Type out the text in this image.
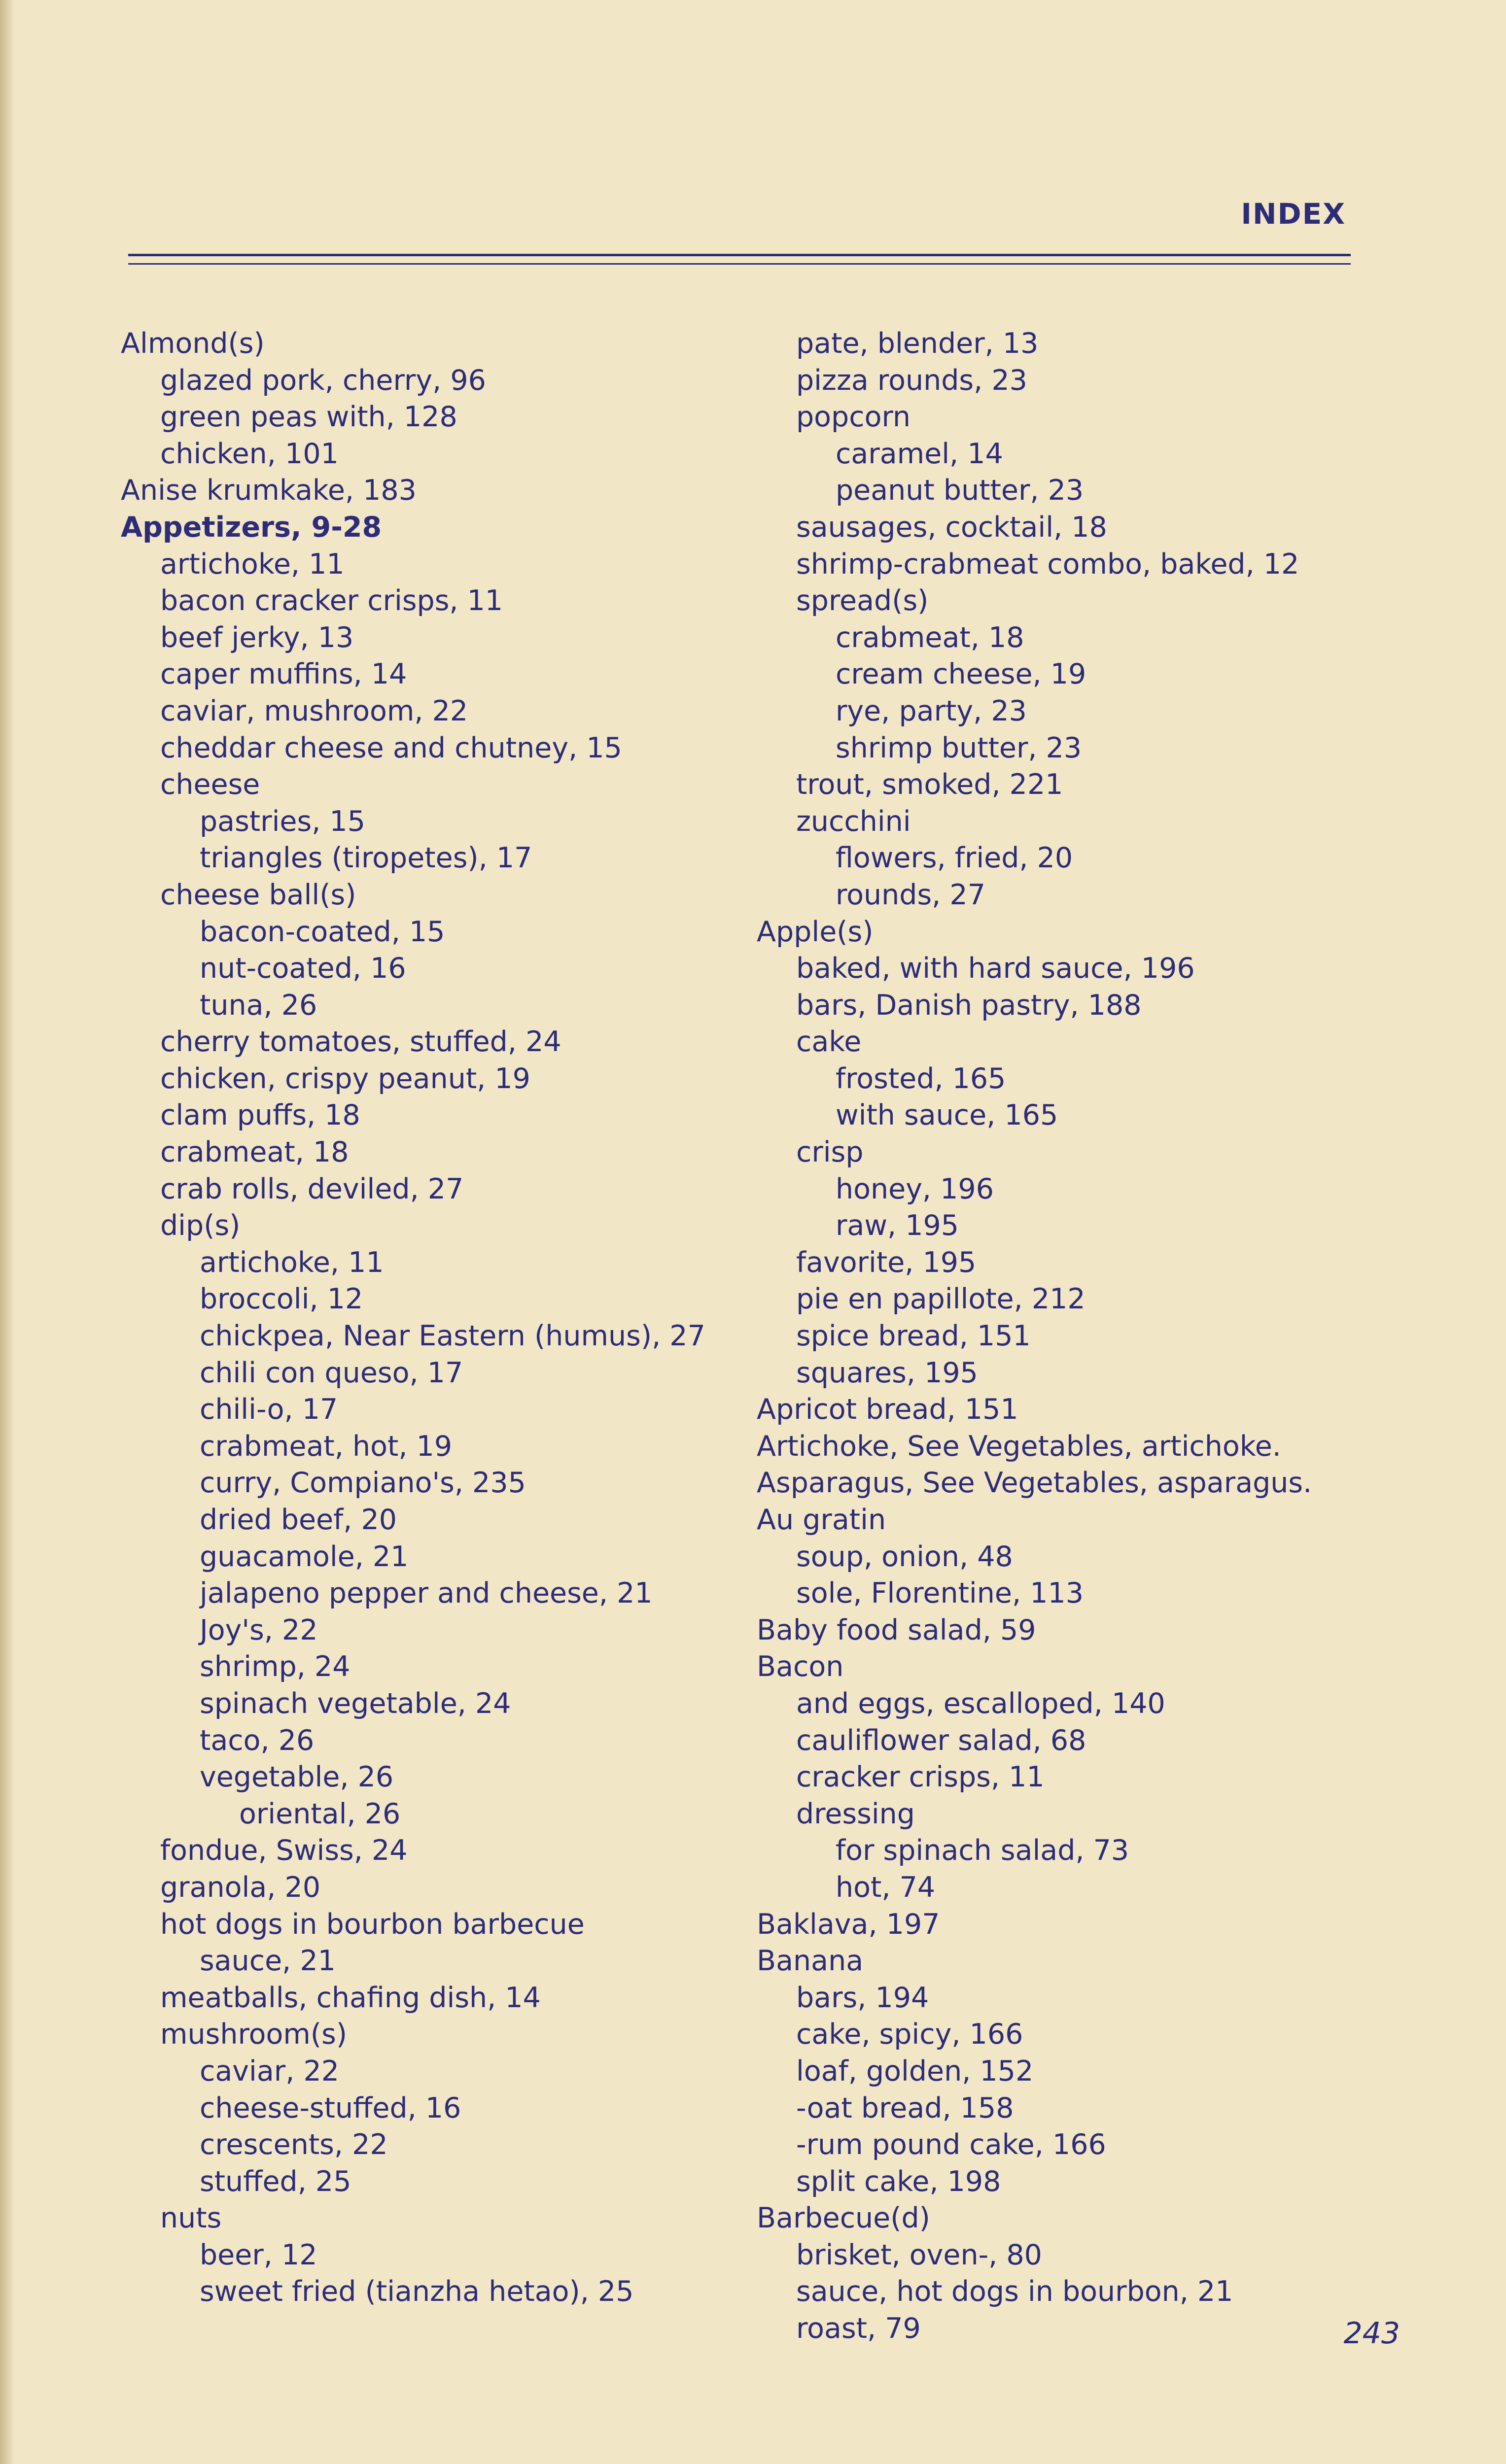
INDEX
Almond(s)
glazed pork, cherry, 96
green peas with, 128
chicken, 101
Anise krumkake, 183
Appetizers, 9-28
artichoke, 11
bacon cracker crisps, 11
beef jerky, 13
caper muffins, 14
caviar, mushroom, 22
cheddar cheese and chutney, 15
cheese
pastries, 15
triangles (tiropetes), 17
cheese ball(s)
bacon-coated, 15
nut-coated, 16
tuna, 26
cherry tomatoes, stuffed, 24
chicken, crispy peanut, 19
clam puffs, 18
crabmeat, 18
crab rolls, deviled, 27
dip(s)
artichoke, 11
broccoli, 12
chickpea, Near Eastern (humus), 27
chili con queso, 17
chili-o, 17
crabmeat, hot, 19
curry, Compiano's, 235
dried beef, 20
guacamole, 21
jalapeno pepper and cheese, 21
Joy's, 22
shrimp, 24
spinach vegetable, 24
taco, 26
vegetable, 26
oriental, 26
fondue, Swiss, 24
granola, 20
hot dogs in bourbon barbecue
sauce, 21
meatballs, chafing dish, 14
mushroom(s)
caviar, 22
cheese-stuffed, 16
crescents, 22
stuffed, 25
nuts
beer, 12
sweet fried (tianzha hetao), 25
pate, blender, 13
pizza rounds, 23
popcorn
caramel, 14
peanut butter, 23
sausages, cocktail, 18
shrimp-crabmeat combo, baked, 12
spread(s)
crabmeat, 18
cream cheese, 19
rye, party, 23
shrimp butter, 23
trout, smoked, 221
zucchini
flowers, fried, 20
rounds, 27
Apple(s)
baked, with hard sauce, 196
bars, Danish pastry, 188
cake
frosted, 165
with sauce, 165
crisp
honey, 196
raw, 195
favorite, 195
pie en papillote, 212
spice bread, 151
squares, 195
Apricot bread, 151
Artichoke, See Vegetables, artichoke.
Asparagus, See Vegetables, asparagus.
Au gratin
soup, onion, 48
sole, Florentine, 113
Baby food salad, 59
Bacon
and eggs, escalloped, 140
cauliflower salad, 68
cracker crisps, 11
dressing
for spinach salad, 73
hot, 74
Baklava, 197
Banana
bars, 194
cake, spicy, 166
loaf, golden, 152
-oat bread, 158
-rum pound cake, 166
split cake, 198
Barbecue(d)
brisket, oven-, 80
sauce, hot dogs in bourbon, 21
roast, 79	243
